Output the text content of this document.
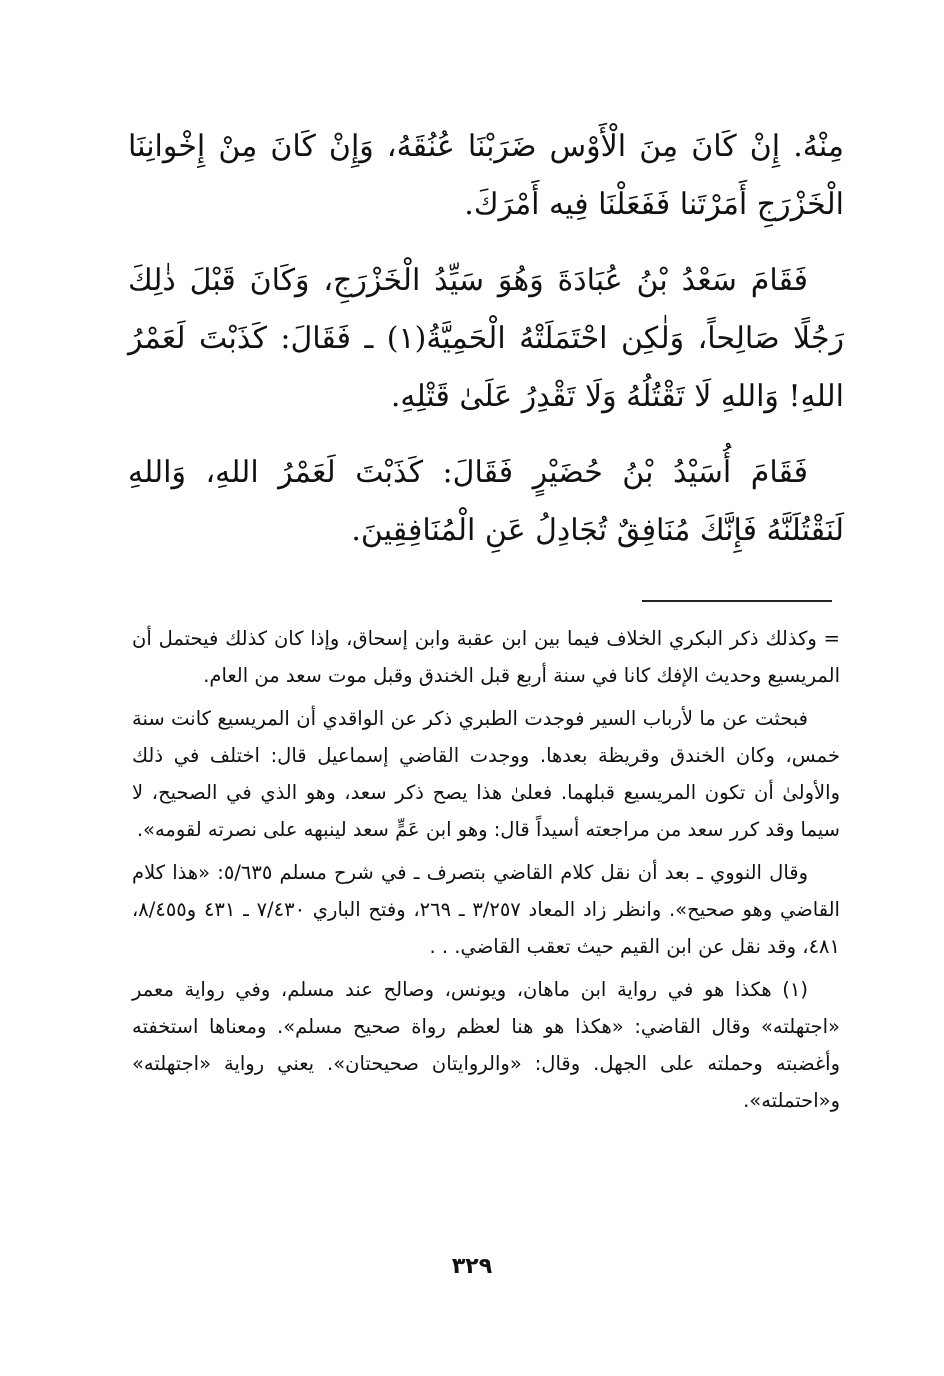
مِنْهُ. إِنْ كَانَ مِنَ الْأَوْس ضَرَبْنَا عُنُقَهُ، وَإِنْ كَانَ مِنْ إِخْوانِنَا الْخَزْرَجِ أَمَرْتَنا فَفَعَلْنَا فِيه أَمْرَكَ.

فَقَامَ سَعْدُ بْنُ عُبَادَةَ وَهُوَ سَيِّدُ الْخَزْرَجِ، وَكَانَ قَبْلَ ذٰلِكَ رَجُلًا صَالِحاً، وَلٰكِن احْتَمَلَتْهُ الْحَمِيَّةُ(١) ـ فَقَالَ: كَذَبْتَ لَعَمْرُ اللهِ! وَاللهِ لَا تَقْتُلُهُ وَلَا تَقْدِرُ عَلَىٰ قَتْلِهِ.

فَقَامَ أُسَيْدُ بْنُ حُضَيْرٍ فَقَالَ: كَذَبْتَ لَعَمْرُ اللهِ، وَاللهِ لَنَقْتُلَنَّهُ فَإِنَّكَ مُنَافِقٌ تُجَادِلُ عَنِ الْمُنَافِقِينَ.

= وكذلك ذكر البكري الخلاف فيما بين ابن عقبة وابن إسحاق، وإذا كان كذلك فيحتمل أن المريسيع وحديث الإفك كانا في سنة أربع قبل الخندق وقبل موت سعد من العام.

فبحثت عن ما لأرباب السير فوجدت الطبري ذكر عن الواقدي أن المريسيع كانت سنة خمس، وكان الخندق وقريظة بعدها. ووجدت القاضي إسماعيل قال: اختلف في ذلك والأولىٰ أن تكون المريسيع قبلهما. فعلىٰ هذا يصح ذكر سعد، وهو الذي في الصحيح، لا سيما وقد كرر سعد من مراجعته أسيداً قال: وهو ابن عَمٍّ سعد لينبهه على نصرته لقومه».

وقال النووي ـ بعد أن نقل كلام القاضي بتصرف ـ في شرح مسلم ٥/٦٣٥: «هذا كلام القاضي وهو صحيح». وانظر زاد المعاد ٣/٢٥٧ ـ ٢٦٩، وفتح الباري ٧/٤٣٠ ـ ٤٣١ و٨/٤٥٥، ٤٨١، وقد نقل عن ابن القيم حيث تعقب القاضي. . .

(١) هكذا هو في رواية ابن ماهان، ويونس، وصالح عند مسلم، وفي رواية معمر «اجتهلته» وقال القاضي: «هكذا هو هنا لعظم رواة صحيح مسلم». ومعناها استخفته وأغضبته وحملته على الجهل. وقال: «والروايتان صحيحتان». يعني رواية «اجتهلته» و«احتملته».

٣٢٩
